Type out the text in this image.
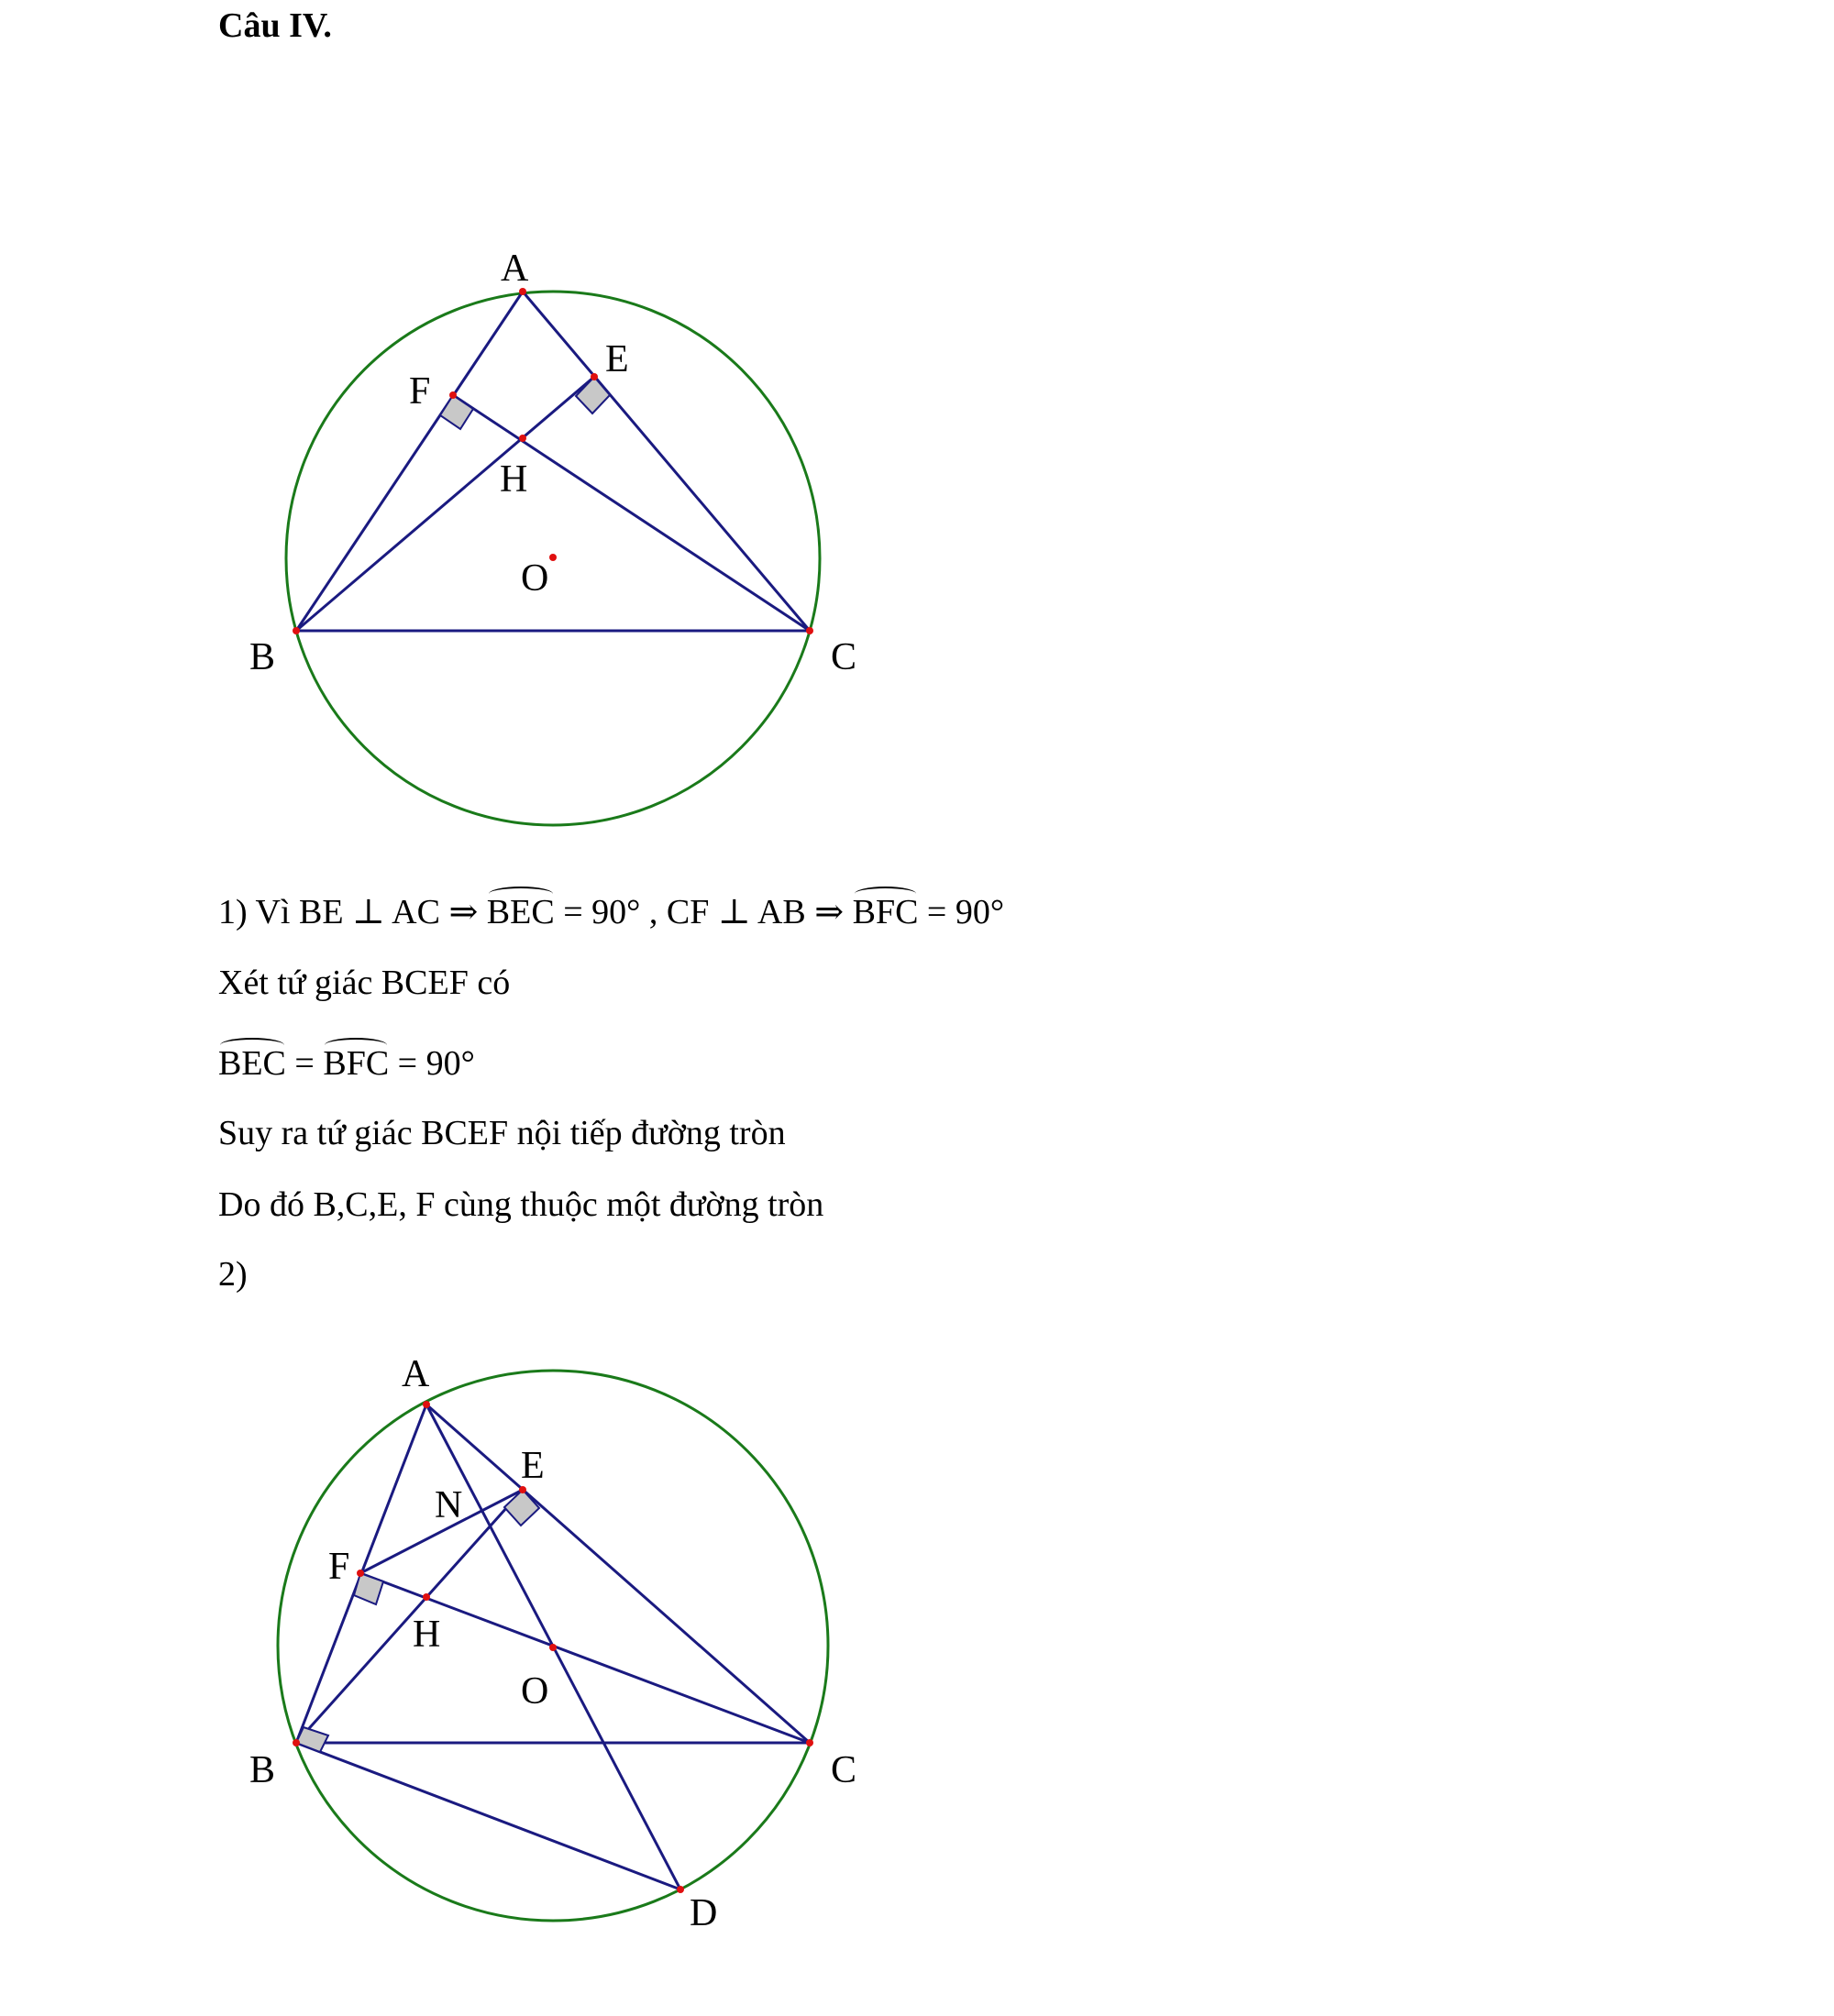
Câu IV.
A
E
F
H
O
B	C
1) Vì BE ⊥ AC ⇒ BEC = 90° , CF ⊥ AB ⇒ BFC = 90°
Xét tứ giác BCEF có
BEC = BFC = 90°
Suy ra tứ giác BCEF nội tiếp đường tròn
Do đó B,C,E, F cùng thuộc một đường tròn
2)
A
E
N
F
H
O
B	C
D
